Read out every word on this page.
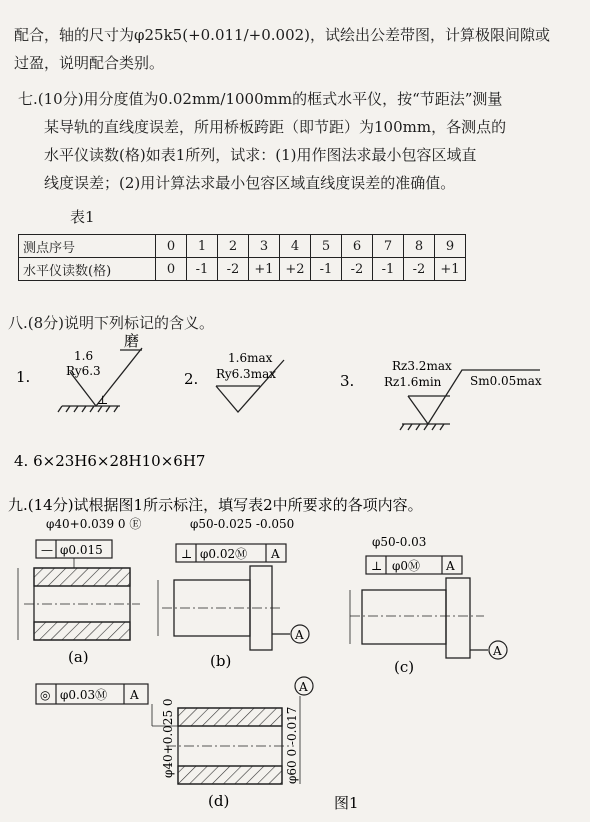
配合，轴的尺寸为φ25k5(+0.011/+0.002)，试绘出公差带图，计算极限间隙或
过盈，说明配合类别。
七.(10分)用分度值为0.02mm/1000mm的框式水平仪，按“节距法”测量
某导轨的直线度误差，所用桥板跨距（即节距）为100mm，各测点的
水平仪读数(格)如表1所列，试求：(1)用作图法求最小包容区域直
线度误差；(2)用计算法求最小包容区域直线度误差的准确值。
表1
测点序号	0	1	2	3	4	5	6	7	8	9
水平仪读数(格)	0	-1	-2	+1	+2	-1	-2	-1	-2	+1
八.(8分)说明下列标记的含义。
1.
1.6
Ry6.3
磨
⊥
2.
1.6max
Ry6.3max	3.
Rz3.2max
Rz1.6min Sm0.05max
4. 6×23H6×28H10×6H7
九.(14分)试根据图1所示标注，填写表2中所要求的各项内容。
φ40+0.039 0 Ⓔ
— φ0.015
(a)
φ50-0.025 -0.050
⊥ φ0.02Ⓜ A
A
(b)
φ50-0.03
⊥ φ0Ⓜ A
A
(c)
◎ φ0.03Ⓜ A
A
φ40+0.025 0	φ60 0 -0.017
(d)	图1
